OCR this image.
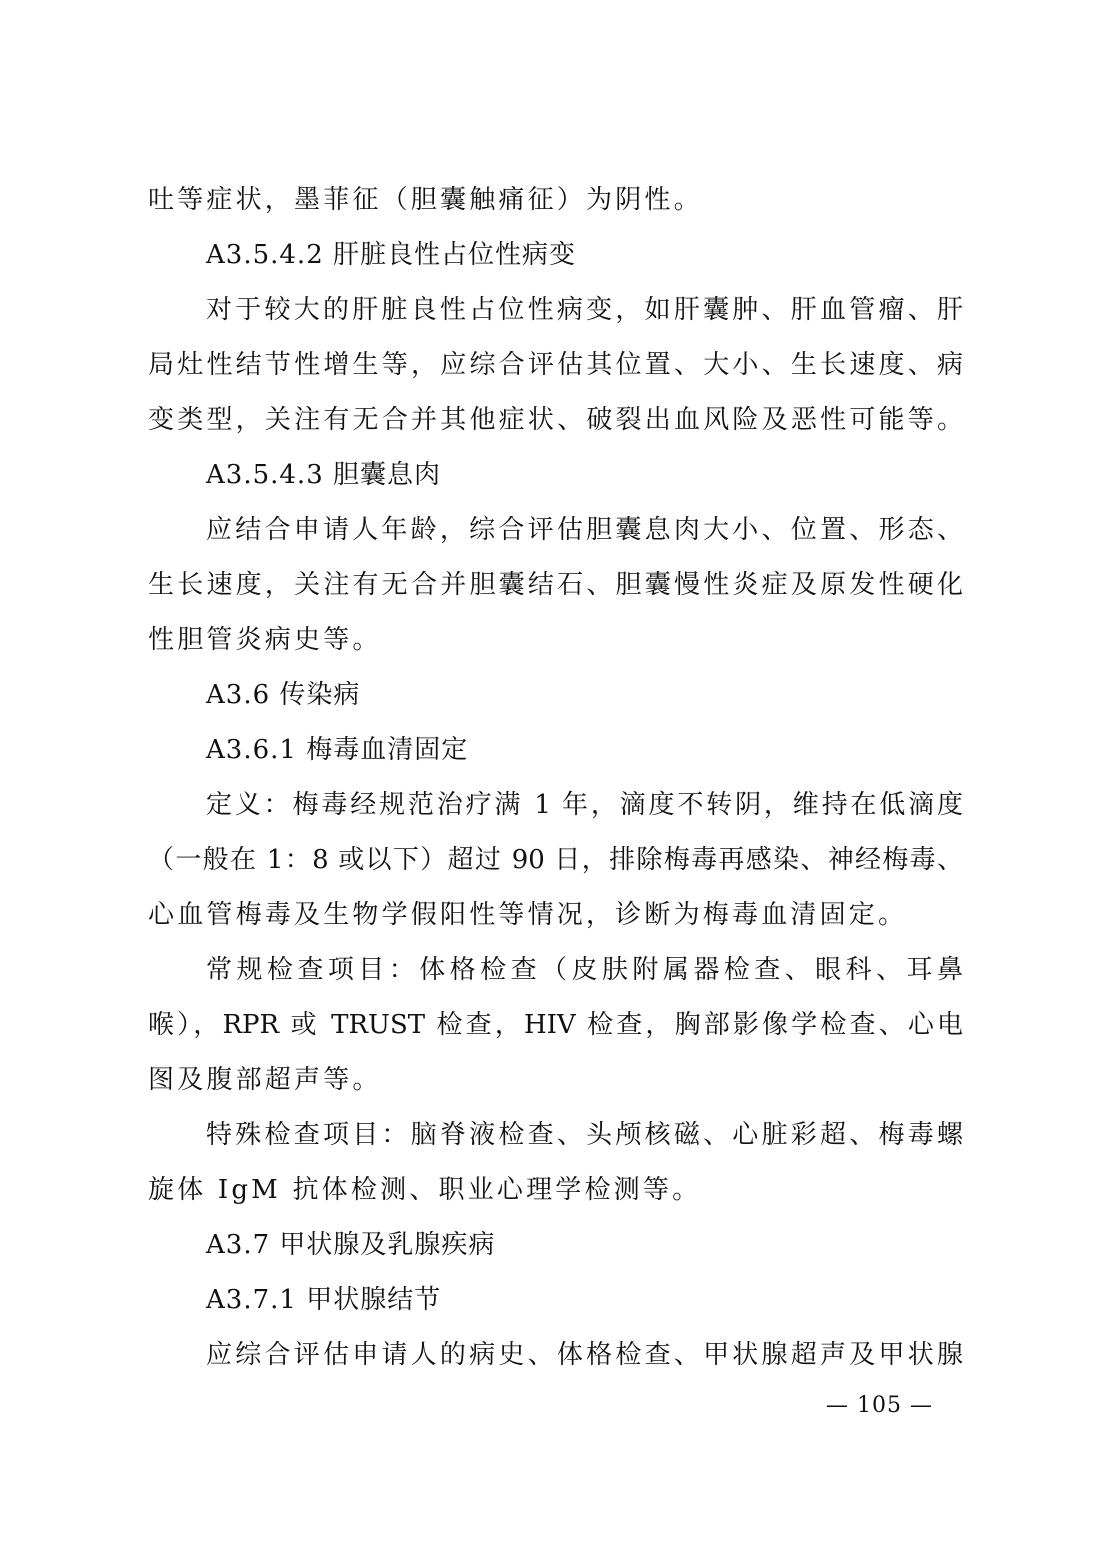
吐等症状，墨菲征（胆囊触痛征）为阴性。
A3.5.4.2 肝脏良性占位性病变
对于较大的肝脏良性占位性病变，如肝囊肿、肝血管瘤、肝
局灶性结节性增生等，应综合评估其位置、大小、生长速度、病
变类型，关注有无合并其他症状、破裂出血风险及恶性可能等。
A3.5.4.3 胆囊息肉
应结合申请人年龄，综合评估胆囊息肉大小、位置、形态、
生长速度，关注有无合并胆囊结石、胆囊慢性炎症及原发性硬化
性胆管炎病史等。
A3.6 传染病
A3.6.1 梅毒血清固定
定义：梅毒经规范治疗满 1 年，滴度不转阴，维持在低滴度
（一般在 1：8 或以下）超过 90 日，排除梅毒再感染、神经梅毒、
心血管梅毒及生物学假阳性等情况，诊断为梅毒血清固定。
常规检查项目：体格检查（皮肤附属器检查、眼科、耳鼻
喉），RPR 或 TRUST 检查，HIV 检查，胸部影像学检查、心电
图及腹部超声等。
特殊检查项目：脑脊液检查、头颅核磁、心脏彩超、梅毒螺
旋体 IgM 抗体检测、职业心理学检测等。
A3.7 甲状腺及乳腺疾病
A3.7.1 甲状腺结节
应综合评估申请人的病史、体格检查、甲状腺超声及甲状腺
— 105 —
